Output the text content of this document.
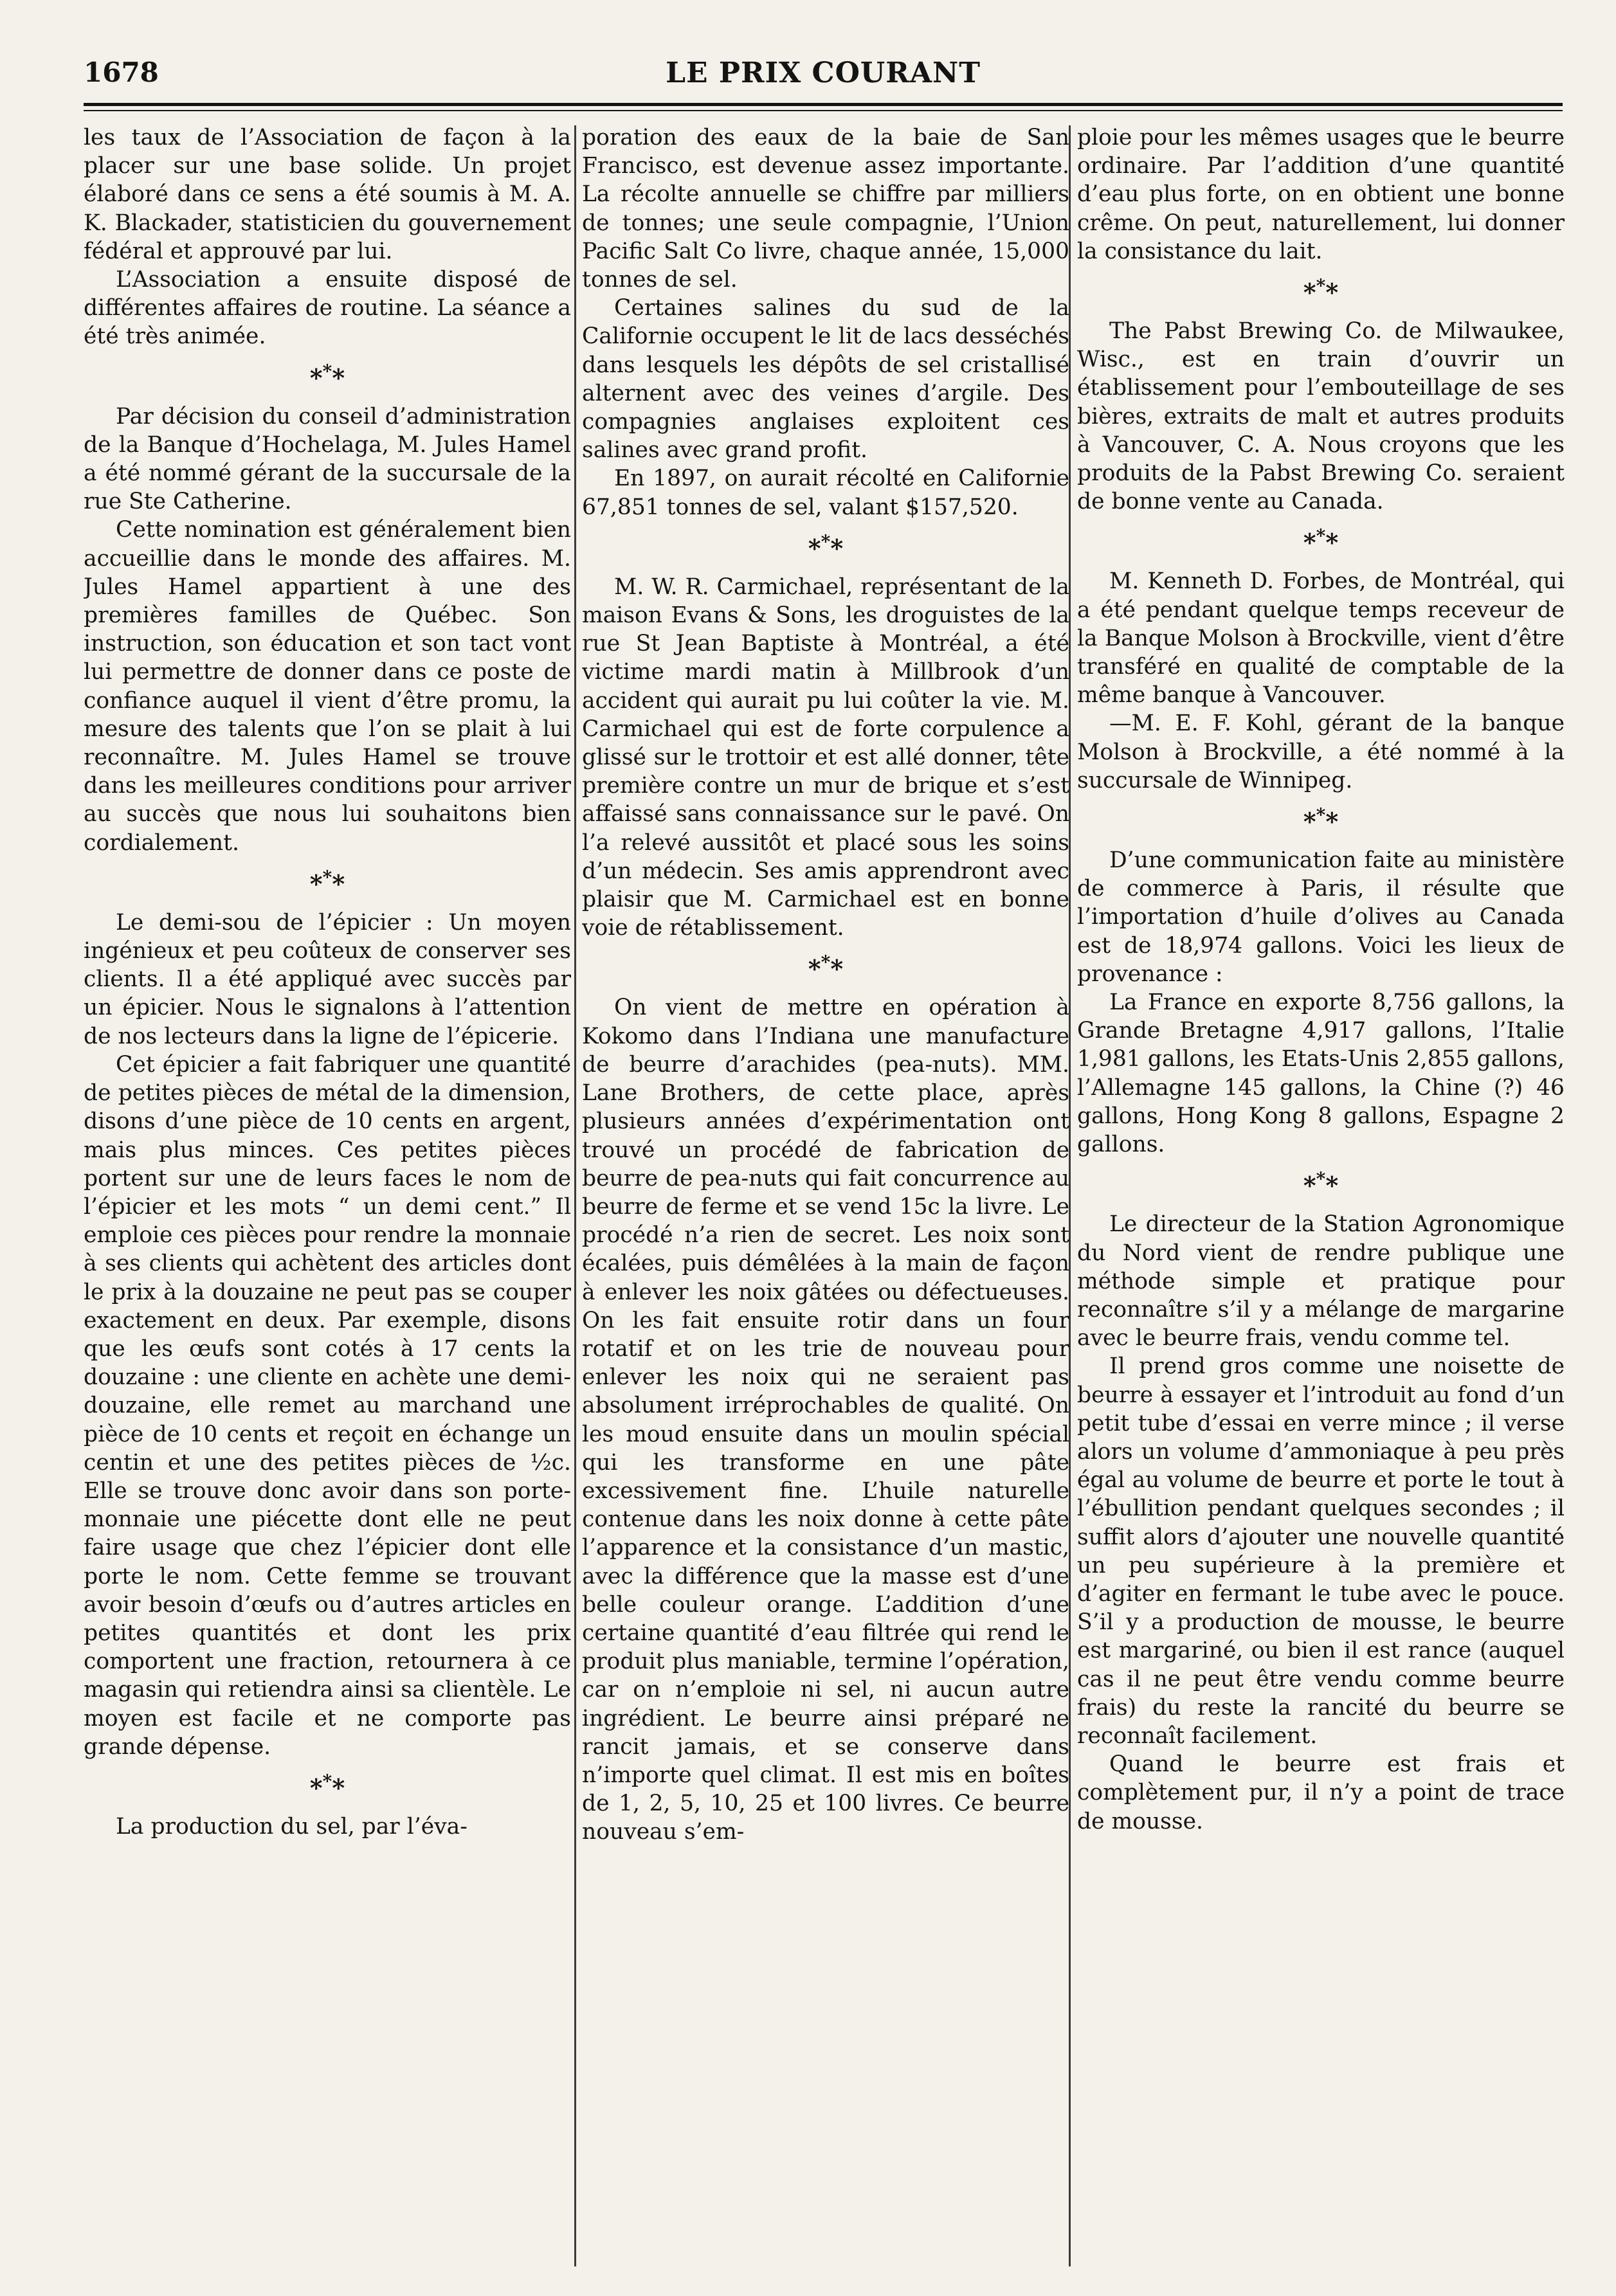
1678	LE PRIX COURANT

les taux de l’Association de façon à la placer sur une base solide. Un projet élaboré dans ce sens a été soumis à M. A. K. Blackader, statisticien du gouvernement fédéral et approuvé par lui.

L’Association a ensuite disposé de différentes affaires de routine. La séance a été très animée.

***

Par décision du conseil d’administration de la Banque d’Hochelaga, M. Jules Hamel a été nommé gérant de la succursale de la rue Ste Catherine.

Cette nomination est généralement bien accueillie dans le monde des affaires. M. Jules Hamel appartient à une des premières familles de Québec. Son instruction, son éducation et son tact vont lui permettre de donner dans ce poste de confiance auquel il vient d’être promu, la mesure des talents que l’on se plait à lui reconnaître. M. Jules Hamel se trouve dans les meilleures conditions pour arriver au succès que nous lui souhaitons bien cordialement.

***

Le demi-sou de l’épicier : Un moyen ingénieux et peu coûteux de conserver ses clients. Il a été appliqué avec succès par un épicier. Nous le signalons à l’attention de nos lecteurs dans la ligne de l’épicerie.

Cet épicier a fait fabriquer une quantité de petites pièces de métal de la dimension, disons d’une pièce de 10 cents en argent, mais plus minces. Ces petites pièces portent sur une de leurs faces le nom de l’épicier et les mots “ un demi cent.” Il emploie ces pièces pour rendre la monnaie à ses clients qui achètent des articles dont le prix à la douzaine ne peut pas se couper exactement en deux. Par exemple, disons que les œufs sont cotés à 17 cents la douzaine : une cliente en achète une demi-douzaine, elle remet au marchand une pièce de 10 cents et reçoit en échange un centin et une des petites pièces de ½c. Elle se trouve donc avoir dans son porte-monnaie une piécette dont elle ne peut faire usage que chez l’épicier dont elle porte le nom. Cette femme se trouvant avoir besoin d’œufs ou d’autres articles en petites quantités et dont les prix comportent une fraction, retournera à ce magasin qui retiendra ainsi sa clientèle. Le moyen est facile et ne comporte pas grande dépense.

***

La production du sel, par l’éva-

poration des eaux de la baie de San Francisco, est devenue assez importante. La récolte annuelle se chiffre par milliers de tonnes; une seule compagnie, l’Union Pacific Salt Co livre, chaque année, 15,000 tonnes de sel.

Certaines salines du sud de la Californie occupent le lit de lacs desséchés dans lesquels les dépôts de sel cristallisé alternent avec des veines d’argile. Des compagnies anglaises exploitent ces salines avec grand profit.

En 1897, on aurait récolté en Californie 67,851 tonnes de sel, valant $157,520.

***

M. W. R. Carmichael, représentant de la maison Evans & Sons, les droguistes de la rue St Jean Baptiste à Montréal, a été victime mardi matin à Millbrook d’un accident qui aurait pu lui coûter la vie. M. Carmichael qui est de forte corpulence a glissé sur le trottoir et est allé donner, tête première contre un mur de brique et s’est affaissé sans connaissance sur le pavé. On l’a relevé aussitôt et placé sous les soins d’un médecin. Ses amis apprendront avec plaisir que M. Carmichael est en bonne voie de rétablissement.

***

On vient de mettre en opération à Kokomo dans l’Indiana une manufacture de beurre d’arachides (pea-nuts). MM. Lane Brothers, de cette place, après plusieurs années d’expérimentation ont trouvé un procédé de fabrication de beurre de pea-nuts qui fait concurrence au beurre de ferme et se vend 15c la livre. Le procédé n’a rien de secret. Les noix sont écalées, puis démêlées à la main de façon à enlever les noix gâtées ou défectueuses. On les fait ensuite rotir dans un four rotatif et on les trie de nouveau pour enlever les noix qui ne seraient pas absolument irréprochables de qualité. On les moud ensuite dans un moulin spécial qui les transforme en une pâte excessivement fine. L’huile naturelle contenue dans les noix donne à cette pâte l’apparence et la consistance d’un mastic, avec la différence que la masse est d’une belle couleur orange. L’addition d’une certaine quantité d’eau filtrée qui rend le produit plus maniable, termine l’opération, car on n’emploie ni sel, ni aucun autre ingrédient. Le beurre ainsi préparé ne rancit jamais, et se conserve dans n’importe quel climat. Il est mis en boîtes de 1, 2, 5, 10, 25 et 100 livres. Ce beurre nouveau s’em-

ploie pour les mêmes usages que le beurre ordinaire. Par l’addition d’une quantité d’eau plus forte, on en obtient une bonne crême. On peut, naturellement, lui donner la consistance du lait.

***

The Pabst Brewing Co. de Milwaukee, Wisc., est en train d’ouvrir un établissement pour l’embouteillage de ses bières, extraits de malt et autres produits à Vancouver, C. A. Nous croyons que les produits de la Pabst Brewing Co. seraient de bonne vente au Canada.

***

M. Kenneth D. Forbes, de Montréal, qui a été pendant quelque temps receveur de la Banque Molson à Brockville, vient d’être transféré en qualité de comptable de la même banque à Vancouver.

—M. E. F. Kohl, gérant de la banque Molson à Brockville, a été nommé à la succursale de Winnipeg.

***

D’une communication faite au ministère de commerce à Paris, il résulte que l’importation d’huile d’olives au Canada est de 18,974 gallons. Voici les lieux de provenance :

La France en exporte 8,756 gallons, la Grande Bretagne 4,917 gallons, l’Italie 1,981 gallons, les Etats-Unis 2,855 gallons, l’Allemagne 145 gallons, la Chine (?) 46 gallons, Hong Kong 8 gallons, Espagne 2 gallons.

***

Le directeur de la Station Agronomique du Nord vient de rendre publique une méthode simple et pratique pour reconnaître s’il y a mélange de margarine avec le beurre frais, vendu comme tel.

Il prend gros comme une noisette de beurre à essayer et l’introduit au fond d’un petit tube d’essai en verre mince ; il verse alors un volume d’ammoniaque à peu près égal au volume de beurre et porte le tout à l’ébullition pendant quelques secondes ; il suffit alors d’ajouter une nouvelle quantité un peu supérieure à la première et d’agiter en fermant le tube avec le pouce. S’il y a production de mousse, le beurre est margariné, ou bien il est rance (auquel cas il ne peut être vendu comme beurre frais) du reste la rancité du beurre se reconnaît facilement.

Quand le beurre est frais et complètement pur, il n’y a point de trace de mousse.
